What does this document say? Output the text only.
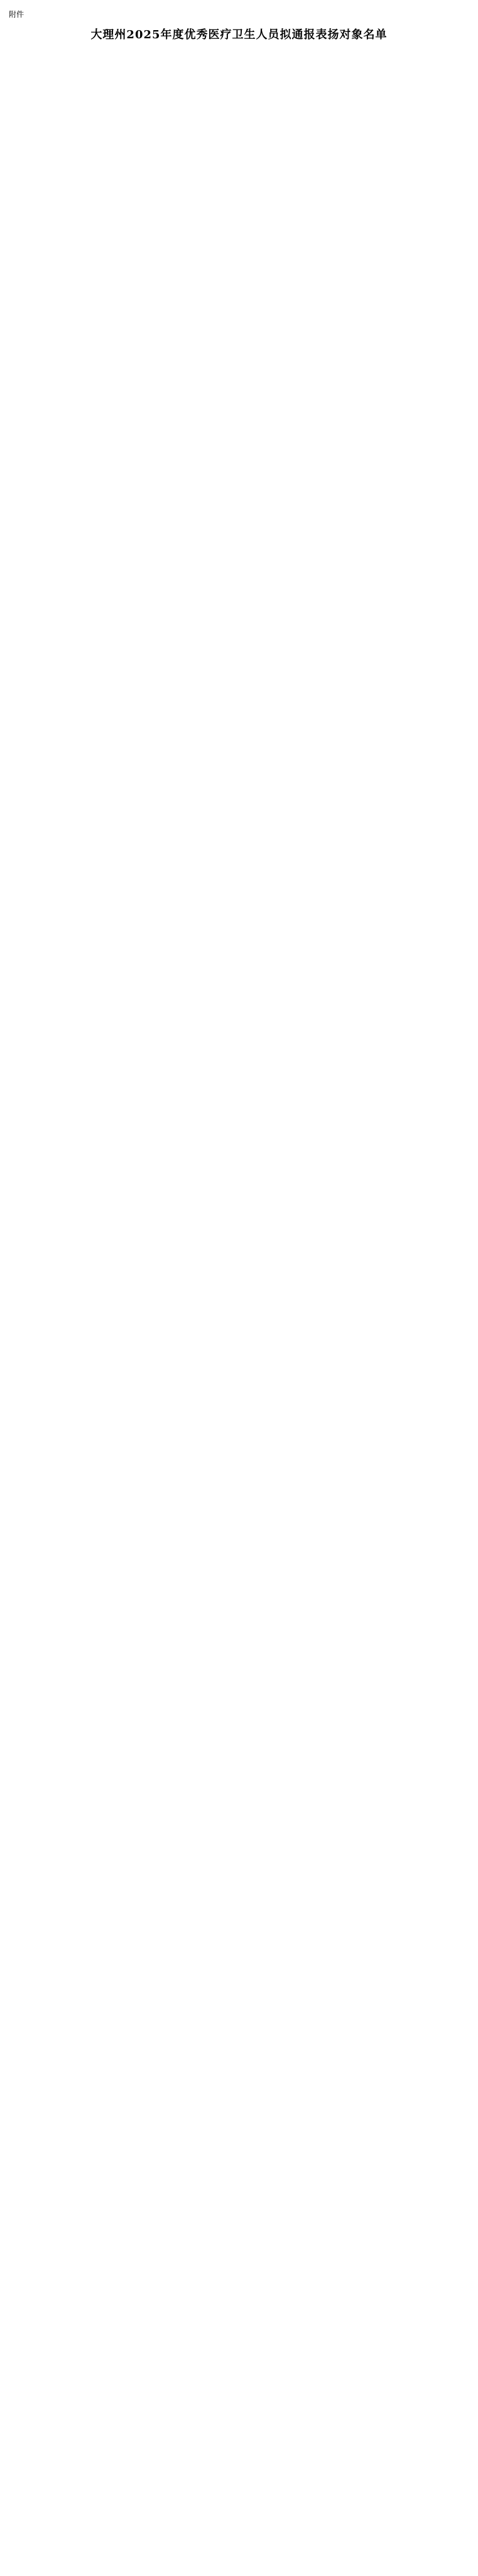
附件
大理州2025年度优秀医疗卫生人员拟通报表扬对象名单
